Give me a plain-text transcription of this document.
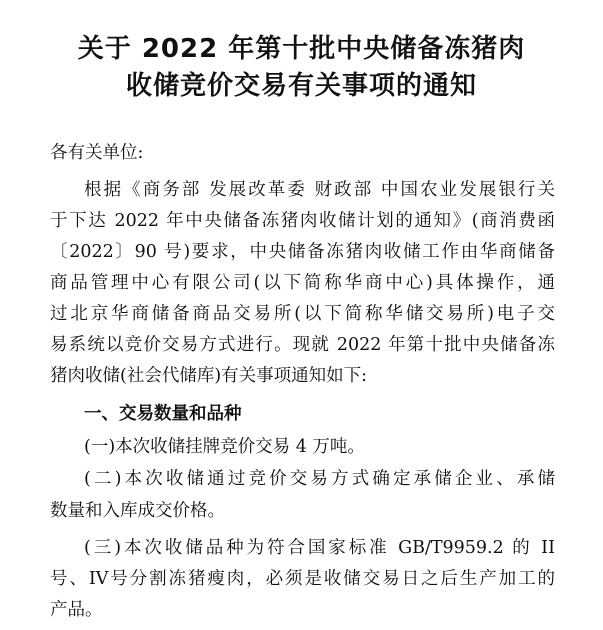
关于 2022 年第十批中央储备冻猪肉
收储竞价交易有关事项的通知
各有关单位:
根据《商务部 发展改革委 财政部 中国农业发展银行关
于下达 2022 年中央储备冻猪肉收储计划的通知》(商消费函
〔2022〕90 号)要求，中央储备冻猪肉收储工作由华商储备
商品管理中心有限公司(以下简称华商中心)具体操作，通
过北京华商储备商品交易所(以下简称华储交易所)电子交
易系统以竞价交易方式进行。现就 2022 年第十批中央储备冻
猪肉收储(社会代储库)有关事项通知如下:
一、交易数量和品种
(一)本次收储挂牌竞价交易 4 万吨。
(二)本次收储通过竞价交易方式确定承储企业、承储
数量和入库成交价格。
(三)本次收储品种为符合国家标准 GB/T9959.2 的 II
号、IV号分割冻猪瘦肉，必须是收储交易日之后生产加工的
产品。
